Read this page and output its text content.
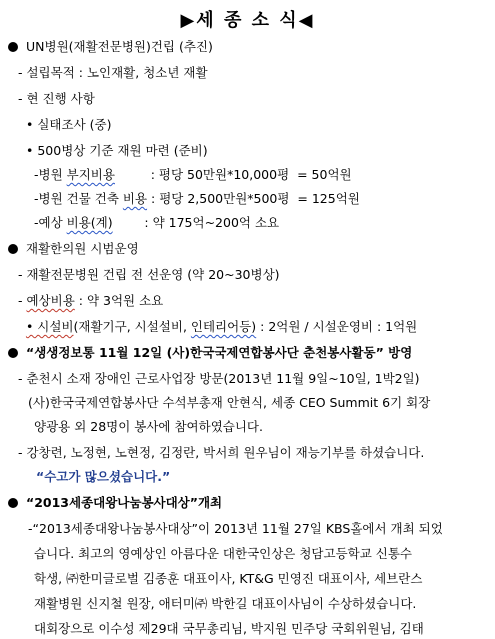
▶세 종 소 식◀
UN병원(재활전문병원)건립 (추진)
- 설립목적 : 노인재활, 청소년 재활
- 현 진행 사항
• 실태조사 (중)
• 500병상 기준 재원 마련 (준비)
-병원 부지비용         : 평당 50만원*10,000평  = 50억원
-병원 건물 건축 비용 : 평당 2,500만원*500평  = 125억원
-예상 비용(계)        : 약 175억~200억 소요
재활한의원 시범운영
- 재활전문병원 건립 전 선운영 (약 20~30병상)
- 예상비용 : 약 3억원 소요
• 시설비(재활기구, 시설설비, 인테리어등) : 2억원 / 시설운영비 : 1억원
“생생정보통 11월 12일 (사)한국국제연합봉사단 춘천봉사활동” 방영
- 춘천시 소재 장애인 근로사업장 방문(2013년 11월 9일~10일, 1박2일)
(사)한국국제연합봉사단 수석부총재 안현식, 세종 CEO Summit 6기 회장
양광용 외 28명이 봉사에 참여하였습니다.
- 강창련, 노정현, 노현정, 김정란, 박서희 원우님이 재능기부를 하셨습니다.
“수고가 많으셨습니다.”
“2013세종대왕나눔봉사대상”개최
-“2013세종대왕나눔봉사대상”이 2013년 11월 27일 KBS홀에서 개최 되었
습니다. 최고의 영예상인 아름다운 대한국인상은 청담고등학교 신통수
학생, ㈜한미글로벌 김종훈 대표이사, KT&G 민영진 대표이사, 세브란스
재활병원 신지철 원장, 애터미㈜ 박한길 대표이사님이 수상하셨습니다.
대회장으로 이수성 제29대 국무총리님, 박지원 민주당 국회위원님, 김태
